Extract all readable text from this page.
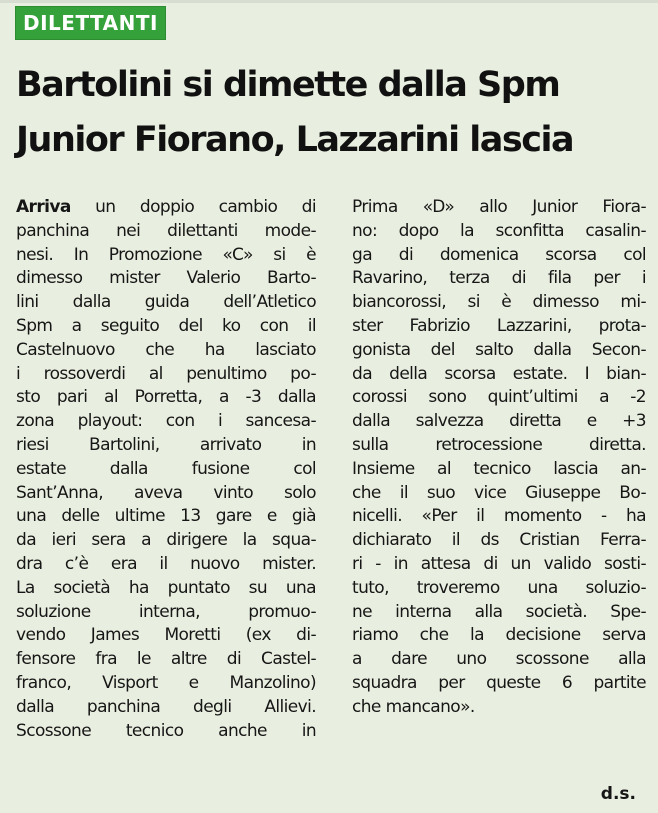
DILETTANTI
Bartolini si dimette dalla Spm
Junior Fiorano, Lazzarini lascia
Arriva un doppio cambio di
panchina nei dilettanti mode-
nesi. In Promozione «C» si è
dimesso mister Valerio Barto-
lini dalla guida dell’Atletico
Spm a seguito del ko con il
Castelnuovo che ha lasciato
i rossoverdi al penultimo po-
sto pari al Porretta, a -3 dalla
zona playout: con i sancesa-
riesi Bartolini, arrivato in
estate dalla fusione col
Sant’Anna, aveva vinto solo
una delle ultime 13 gare e già
da ieri sera a dirigere la squa-
dra c’è era il nuovo mister.
La società ha puntato su una
soluzione interna, promuo-
vendo James Moretti (ex di-
fensore fra le altre di Castel-
franco, Visport e Manzolino)
dalla panchina degli Allievi.
Scossone tecnico anche in
Prima «D» allo Junior Fiora-
no: dopo la sconfitta casalin-
ga di domenica scorsa col
Ravarino, terza di fila per i
biancorossi, si è dimesso mi-
ster Fabrizio Lazzarini, prota-
gonista del salto dalla Secon-
da della scorsa estate. I bian-
corossi sono quint’ultimi a -2
dalla salvezza diretta e +3
sulla retrocessione diretta.
Insieme al tecnico lascia an-
che il suo vice Giuseppe Bo-
nicelli. «Per il momento - ha
dichiarato il ds Cristian Ferra-
ri - in attesa di un valido sosti-
tuto, troveremo una soluzio-
ne interna alla società. Spe-
riamo che la decisione serva
a dare uno scossone alla
squadra per queste 6 partite
che mancano».
d.s.
